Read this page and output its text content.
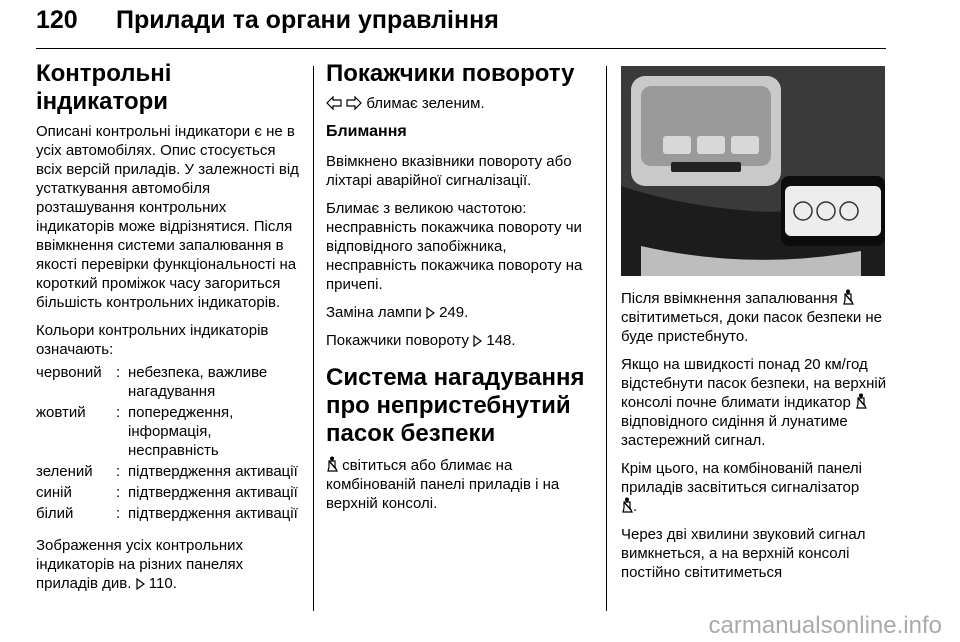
120 Прилади та органи управління
Контрольні індикатори

Описані контрольні індикатори є не в усіх автомобілях. Опис стосується всіх версій приладів. У залежності від устаткування автомобіля розташування контрольних індикаторів може відрізнятися. Після ввімкнення системи запалювання в якості перевірки функціональності на короткий проміжок часу загориться більшість контрольних індикаторів.

Кольори контрольних індикаторів означають:

червоний	:	небезпека, важливе нагадування
жовтий	:	попередження, інформація, несправність
зелений	:	підтвердження активації
синій	:	підтвердження активації
білий	:	підтвердження активації

Зображення усіх контрольних індикаторів на різних панелях приладів див. 110.

Покажчики повороту

блимає зеленим.

Блимання

Ввімкнено вказівники повороту або ліхтарі аварійної сигналізації.

Блимає з великою частотою: несправність покажчика повороту чи відповідного запобіжника, несправність покажчика повороту на причепі.

Заміна лампи 249.

Покажчики повороту 148.

Система нагадування про непристебнутий пасок безпеки

світиться або блимає на комбінованій панелі приладів і на верхній консолі.

Після ввімкнення запалювання  світитиметься, доки пасок безпеки не буде пристебнуто.

Якщо на швидкості понад 20 км/год відстебнути пасок безпеки, на верхній консолі почне блимати індикатор  відповідного сидіння й лунатиме застережний сигнал.

Крім цього, на комбінованій панелі приладів засвітиться сигналізатор
.

Через дві хвилини звуковий сигнал вимкнеться, а на верхній консолі постійно світитиметься

carmanualsonline.info
